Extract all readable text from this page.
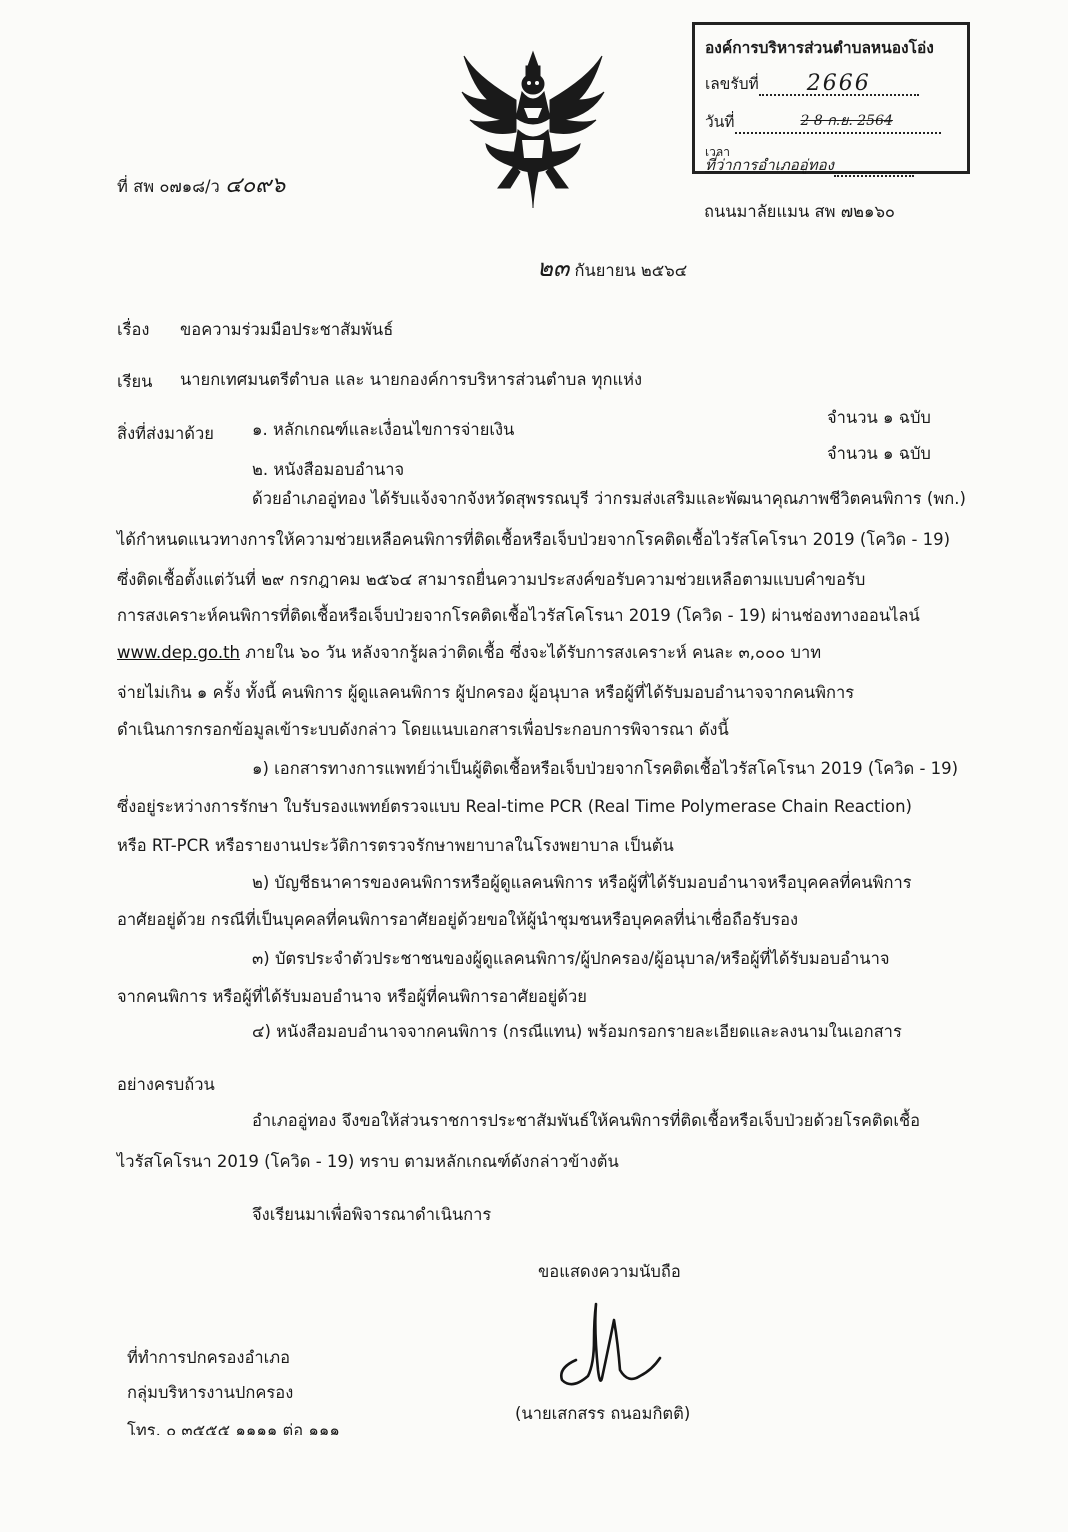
องค์การบริหารส่วนตำบลหนองโอ่ง
เลขรับที่ 2666
วันที่	2 8 ก.ย. 2564
เวลา
ที่ว่าการอำเภออู่ทอง
ที่ สพ ๐๗๑๘/ว ๔๐๙๖
ถนนมาลัยแมน สพ ๗๒๑๖๐
๒๓ กันยายน ๒๕๖๔
เรื่อง ขอความร่วมมือประชาสัมพันธ์
เรียน นายกเทศมนตรีตำบล และ นายกองค์การบริหารส่วนตำบล ทุกแห่ง
สิ่งที่ส่งมาด้วย ๑. หลักเกณฑ์และเงื่อนไขการจ่ายเงิน
จำนวน ๑ ฉบับ
๒. หนังสือมอบอำนาจ
จำนวน ๑ ฉบับ
ด้วยอำเภออู่ทอง ได้รับแจ้งจากจังหวัดสุพรรณบุรี ว่ากรมส่งเสริมและพัฒนาคุณภาพชีวิตคนพิการ (พก.)
ได้กำหนดแนวทางการให้ความช่วยเหลือคนพิการที่ติดเชื้อหรือเจ็บป่วยจากโรคติดเชื้อไวรัสโคโรนา 2019 (โควิด - 19)
ซึ่งติดเชื้อตั้งแต่วันที่ ๒๙ กรกฎาคม ๒๕๖๔ สามารถยื่นความประสงค์ขอรับความช่วยเหลือตามแบบคำขอรับ
การสงเคราะห์คนพิการที่ติดเชื้อหรือเจ็บป่วยจากโรคติดเชื้อไวรัสโคโรนา 2019 (โควิด - 19) ผ่านช่องทางออนไลน์
www.dep.go.th ภายใน ๖๐ วัน หลังจากรู้ผลว่าติดเชื้อ ซึ่งจะได้รับการสงเคราะห์ คนละ ๓,๐๐๐ บาท
จ่ายไม่เกิน ๑ ครั้ง ทั้งนี้ คนพิการ ผู้ดูแลคนพิการ ผู้ปกครอง ผู้อนุบาล หรือผู้ที่ได้รับมอบอำนาจจากคนพิการ
ดำเนินการกรอกข้อมูลเข้าระบบดังกล่าว โดยแนบเอกสารเพื่อประกอบการพิจารณา ดังนี้
๑) เอกสารทางการแพทย์ว่าเป็นผู้ติดเชื้อหรือเจ็บป่วยจากโรคติดเชื้อไวรัสโคโรนา 2019 (โควิด - 19)
ซึ่งอยู่ระหว่างการรักษา ใบรับรองแพทย์ตรวจแบบ Real-time PCR (Real Time Polymerase Chain Reaction)
หรือ RT-PCR หรือรายงานประวัติการตรวจรักษาพยาบาลในโรงพยาบาล เป็นต้น
๒) บัญชีธนาคารของคนพิการหรือผู้ดูแลคนพิการ หรือผู้ที่ได้รับมอบอำนาจหรือบุคคลที่คนพิการ
อาศัยอยู่ด้วย กรณีที่เป็นบุคคลที่คนพิการอาศัยอยู่ด้วยขอให้ผู้นำชุมชนหรือบุคคลที่น่าเชื่อถือรับรอง
๓) บัตรประจำตัวประชาชนของผู้ดูแลคนพิการ/ผู้ปกครอง/ผู้อนุบาล/หรือผู้ที่ได้รับมอบอำนาจ
จากคนพิการ หรือผู้ที่ได้รับมอบอำนาจ หรือผู้ที่คนพิการอาศัยอยู่ด้วย
๔) หนังสือมอบอำนาจจากคนพิการ (กรณีแทน) พร้อมกรอกรายละเอียดและลงนามในเอกสาร
อย่างครบถ้วน
อำเภออู่ทอง จึงขอให้ส่วนราชการประชาสัมพันธ์ให้คนพิการที่ติดเชื้อหรือเจ็บป่วยด้วยโรคติดเชื้อ
ไวรัสโคโรนา 2019 (โควิด - 19) ทราบ ตามหลักเกณฑ์ดังกล่าวข้างต้น
จึงเรียนมาเพื่อพิจารณาดำเนินการ
ขอแสดงความนับถือ
(นายเสกสรร ถนอมกิตติ)
ที่ทำการปกครองอำเภอ
กลุ่มบริหารงานปกครอง
โทร. ๐ ๓๕๕๕ ๑๑๑๑ ต่อ ๑๑๑
